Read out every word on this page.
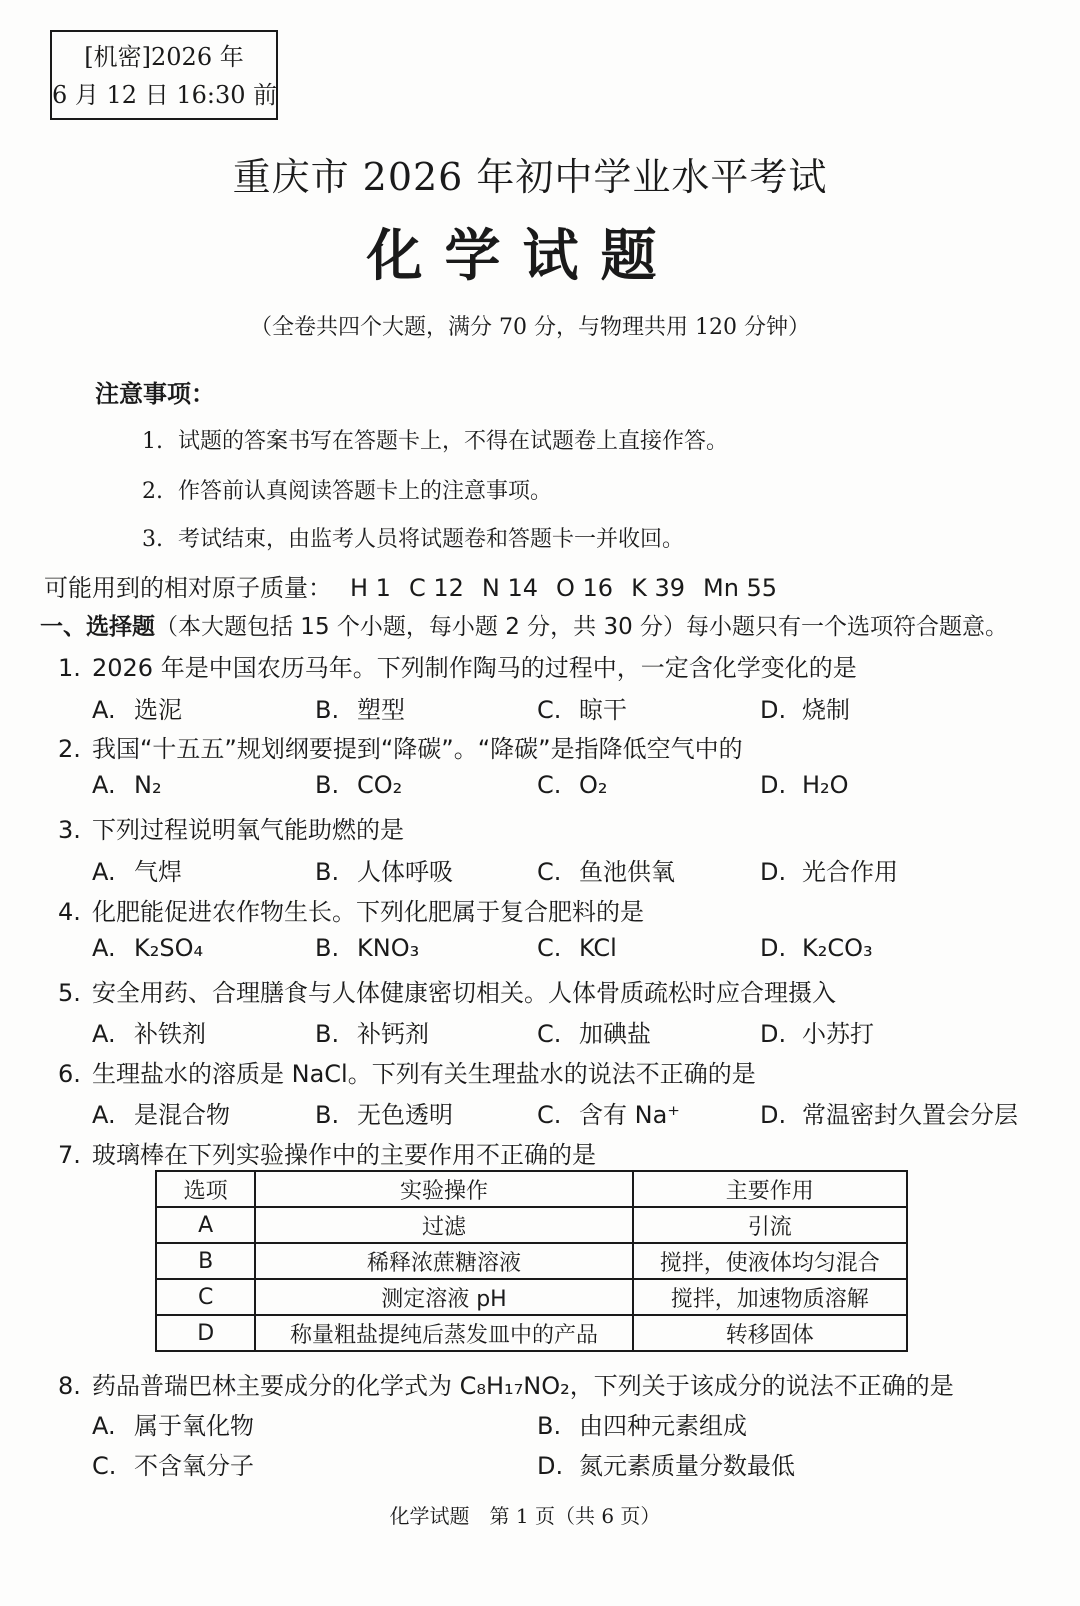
[机密]2026 年
6 月 12 日 16:30 前
重庆市 2026 年初中学业水平考试
化学试题
（全卷共四个大题，满分 70 分，与物理共用 120 分钟）
注意事项：
1. 试题的答案书写在答题卡上，不得在试题卷上直接作答。
2. 作答前认真阅读答题卡上的注意事项。
3. 考试结束，由监考人员将试题卷和答题卡一并收回。
可能用到的相对原子质量： H 1 C 12 N 14 O 16 K 39 Mn 55
一、选择题（本大题包括 15 个小题，每小题 2 分，共 30 分）每小题只有一个选项符合题意。
1. 2026 年是中国农历马年。下列制作陶马的过程中，一定含化学变化的是
A. 选泥	B. 塑型	C. 晾干	D. 烧制
2. 我国“十五五”规划纲要提到“降碳”。“降碳”是指降低空气中的
A. N₂	B. CO₂	C. O₂	D. H₂O
3. 下列过程说明氧气能助燃的是
A. 气焊	B. 人体呼吸	C. 鱼池供氧	D. 光合作用
4. 化肥能促进农作物生长。下列化肥属于复合肥料的是
A. K₂SO₄	B. KNO₃	C. KCl	D. K₂CO₃
5. 安全用药、合理膳食与人体健康密切相关。人体骨质疏松时应合理摄入
A. 补铁剂	B. 补钙剂	C. 加碘盐	D. 小苏打
6. 生理盐水的溶质是 NaCl。下列有关生理盐水的说法不正确的是
A. 是混合物	B. 无色透明	C. 含有 Na⁺	D. 常温密封久置会分层
7. 玻璃棒在下列实验操作中的主要作用不正确的是
选项	实验操作	主要作用
A	过滤	引流
B	稀释浓蔗糖溶液	搅拌，使液体均匀混合
C	测定溶液 pH	搅拌，加速物质溶解
D	称量粗盐提纯后蒸发皿中的产品	转移固体
8. 药品普瑞巴林主要成分的化学式为 C₈H₁₇NO₂，下列关于该成分的说法不正确的是
A. 属于氧化物	B. 由四种元素组成
C. 不含氧分子	D. 氮元素质量分数最低
化学试题　第 1 页（共 6 页）
